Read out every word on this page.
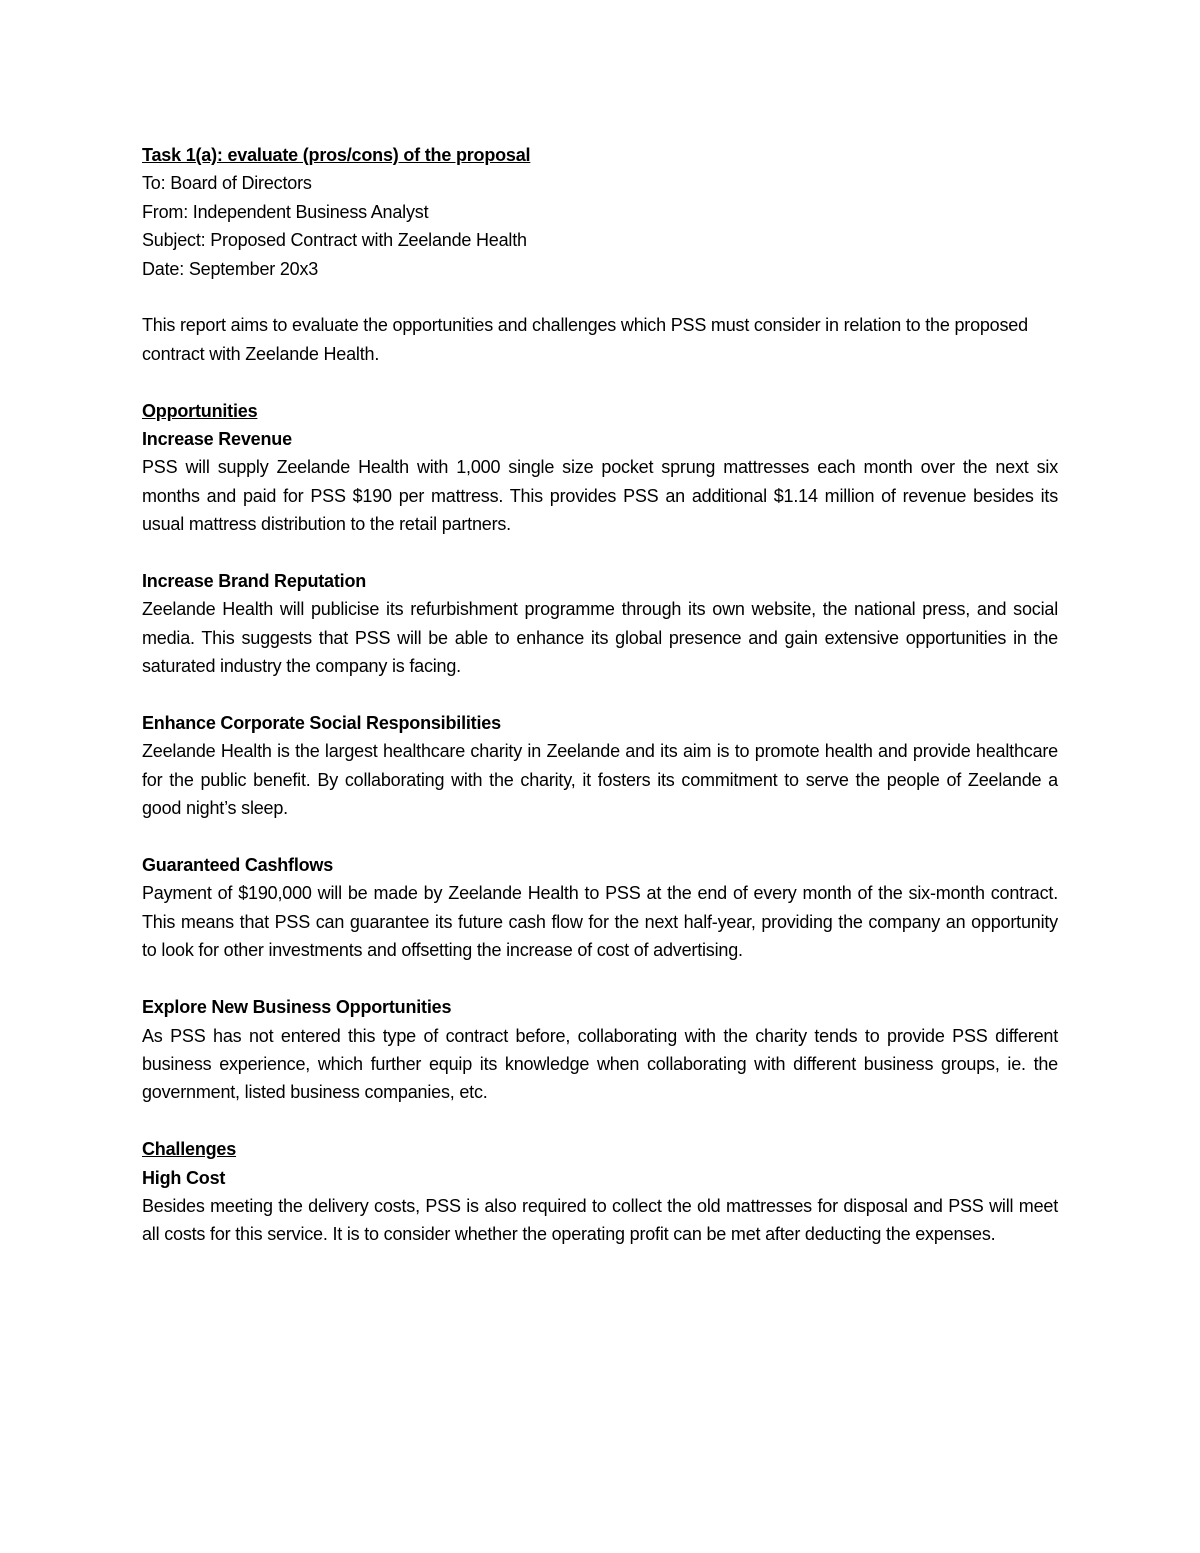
Task 1(a): evaluate (pros/cons) of the proposal

To: Board of Directors

From: Independent Business Analyst

Subject: Proposed Contract with Zeelande Health

Date: September 20x3

This report aims to evaluate the opportunities and challenges which PSS must consider in relation to the proposed contract with Zeelande Health.

Opportunities

Increase Revenue

PSS will supply Zeelande Health with 1,000 single size pocket sprung mattresses each month over the next six months and paid for PSS $190 per mattress. This provides PSS an additional $1.14 million of revenue besides its usual mattress distribution to the retail partners.

Increase Brand Reputation

Zeelande Health will publicise its refurbishment programme through its own website, the national press, and social media. This suggests that PSS will be able to enhance its global presence and gain extensive opportunities in the saturated industry the company is facing.

Enhance Corporate Social Responsibilities

Zeelande Health is the largest healthcare charity in Zeelande and its aim is to promote health and provide healthcare for the public benefit. By collaborating with the charity, it fosters its commitment to serve the people of Zeelande a good night’s sleep.

Guaranteed Cashflows

Payment of $190,000 will be made by Zeelande Health to PSS at the end of every month of the six-month contract. This means that PSS can guarantee its future cash flow for the next half-year, providing the company an opportunity to look for other investments and offsetting the increase of cost of advertising.

Explore New Business Opportunities

As PSS has not entered this type of contract before, collaborating with the charity tends to provide PSS different business experience, which further equip its knowledge when collaborating with different business groups, ie. the government, listed business companies, etc.

Challenges

High Cost

Besides meeting the delivery costs, PSS is also required to collect the old mattresses for disposal and PSS will meet all costs for this service. It is to consider whether the operating profit can be met after deducting the expenses.
